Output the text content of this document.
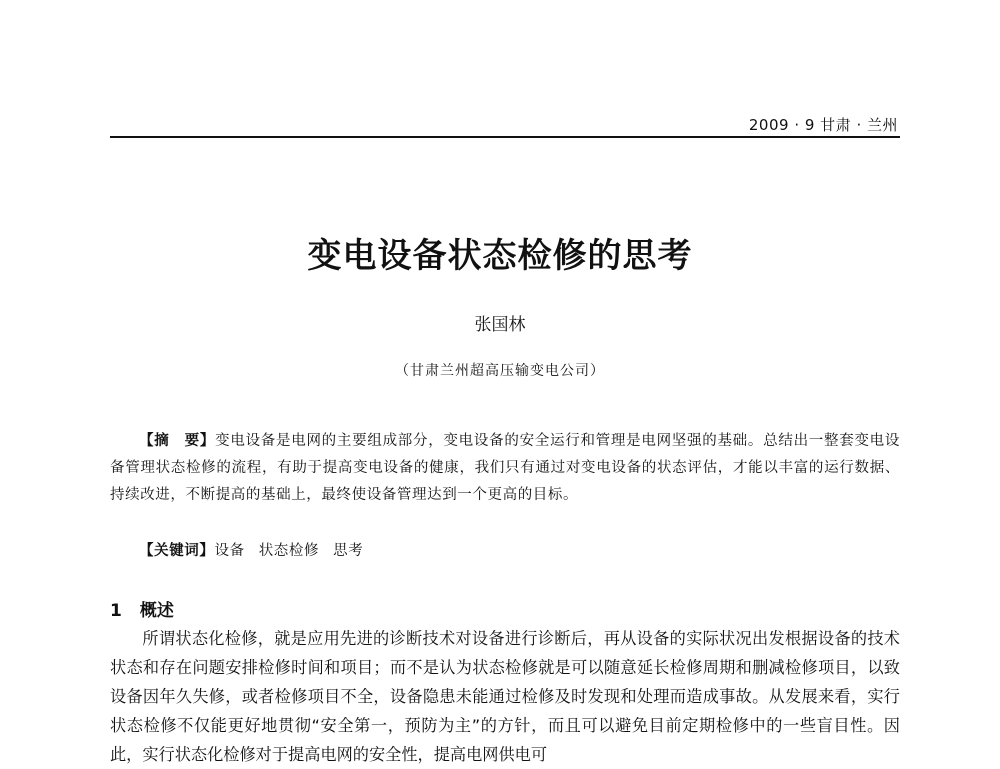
2009 · 9 甘肃 · 兰州
变电设备状态检修的思考
张国林
（甘肃兰州超高压输变电公司）

【摘　要】变电设备是电网的主要组成部分，变电设备的安全运行和管理是电网坚强的基础。总结出一整套变电设备管理状态检修的流程，有助于提高变电设备的健康，我们只有通过对变电设备的状态评估，才能以丰富的运行数据、持续改进，不断提高的基础上，最终使设备管理达到一个更高的目标。

【关键词】设备 状态检修 思考

1 概述

所谓状态化检修，就是应用先进的诊断技术对设备进行诊断后，再从设备的实际状况出发根据设备的技术状态和存在问题安排检修时间和项目；而不是认为状态检修就是可以随意延长检修周期和删减检修项目，以致设备因年久失修，或者检修项目不全，设备隐患未能通过检修及时发现和处理而造成事故。从发展来看，实行状态检修不仅能更好地贯彻“安全第一，预防为主”的方针，而且可以避免目前定期检修中的一些盲目性。因此，实行状态化检修对于提高电网的安全性，提高电网供电可
